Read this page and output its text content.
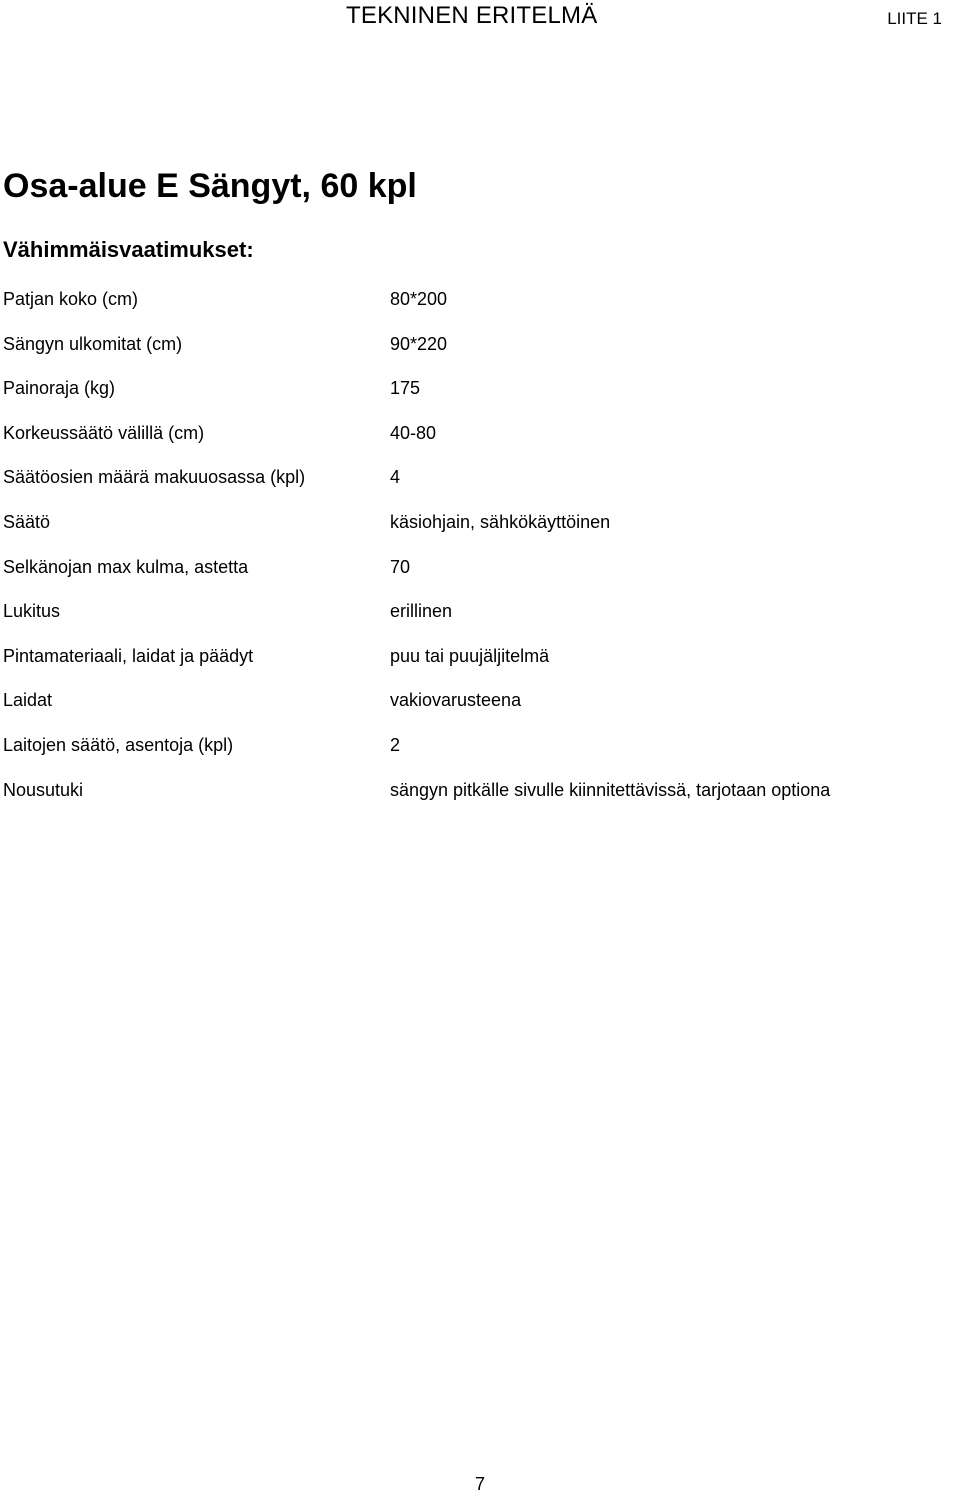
TEKNINEN ERITELMÄ	LIITE 1
Osa-alue E Sängyt, 60 kpl
Vähimmäisvaatimukset:
Patjan koko (cm)	80*200
Sängyn ulkomitat (cm)	90*220
Painoraja (kg)	175
Korkeussäätö välillä (cm)	40-80
Säätöosien määrä makuuosassa (kpl)	4
Säätö	käsiohjain, sähkökäyttöinen
Selkänojan max kulma, astetta	70
Lukitus	erillinen
Pintamateriaali, laidat ja päädyt	puu tai puujäljitelmä
Laidat	vakiovarusteena
Laitojen säätö, asentoja (kpl)	2
Nousutuki	sängyn pitkälle sivulle kiinnitettävissä, tarjotaan optiona
7
